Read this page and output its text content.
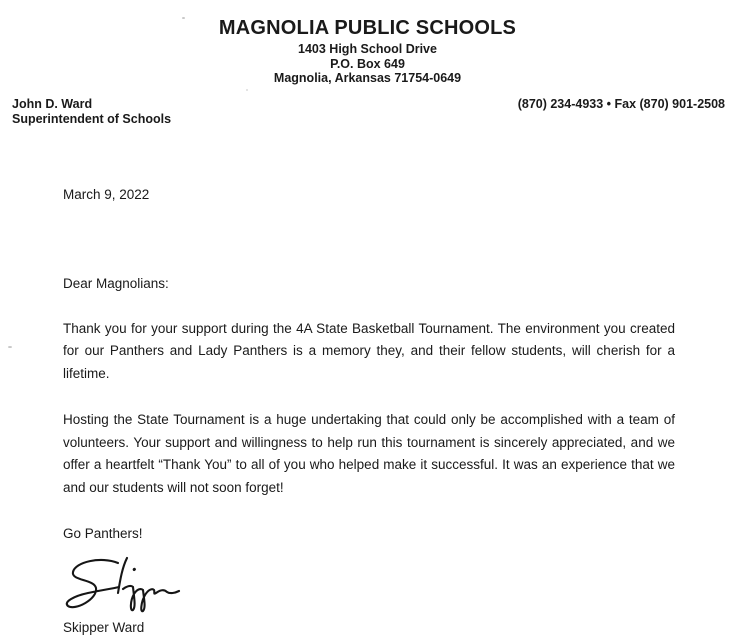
MAGNOLIA PUBLIC SCHOOLS
1403 High School Drive
P.O. Box 649
Magnolia, Arkansas 71754-0649
John D. Ward
Superintendent of Schools
(870) 234-4933 • Fax (870) 901-2508

March 9, 2022

Dear Magnolians:

Thank you for your support during the 4A State Basketball Tournament. The environment you created for our Panthers and Lady Panthers is a memory they, and their fellow students, will cherish for a lifetime.

Hosting the State Tournament is a huge undertaking that could only be accomplished with a team of volunteers. Your support and willingness to help run this tournament is sincerely appreciated, and we offer a heartfelt “Thank You” to all of you who helped make it successful. It was an experience that we and our students will not soon forget!

Go Panthers!

Skipper Ward
